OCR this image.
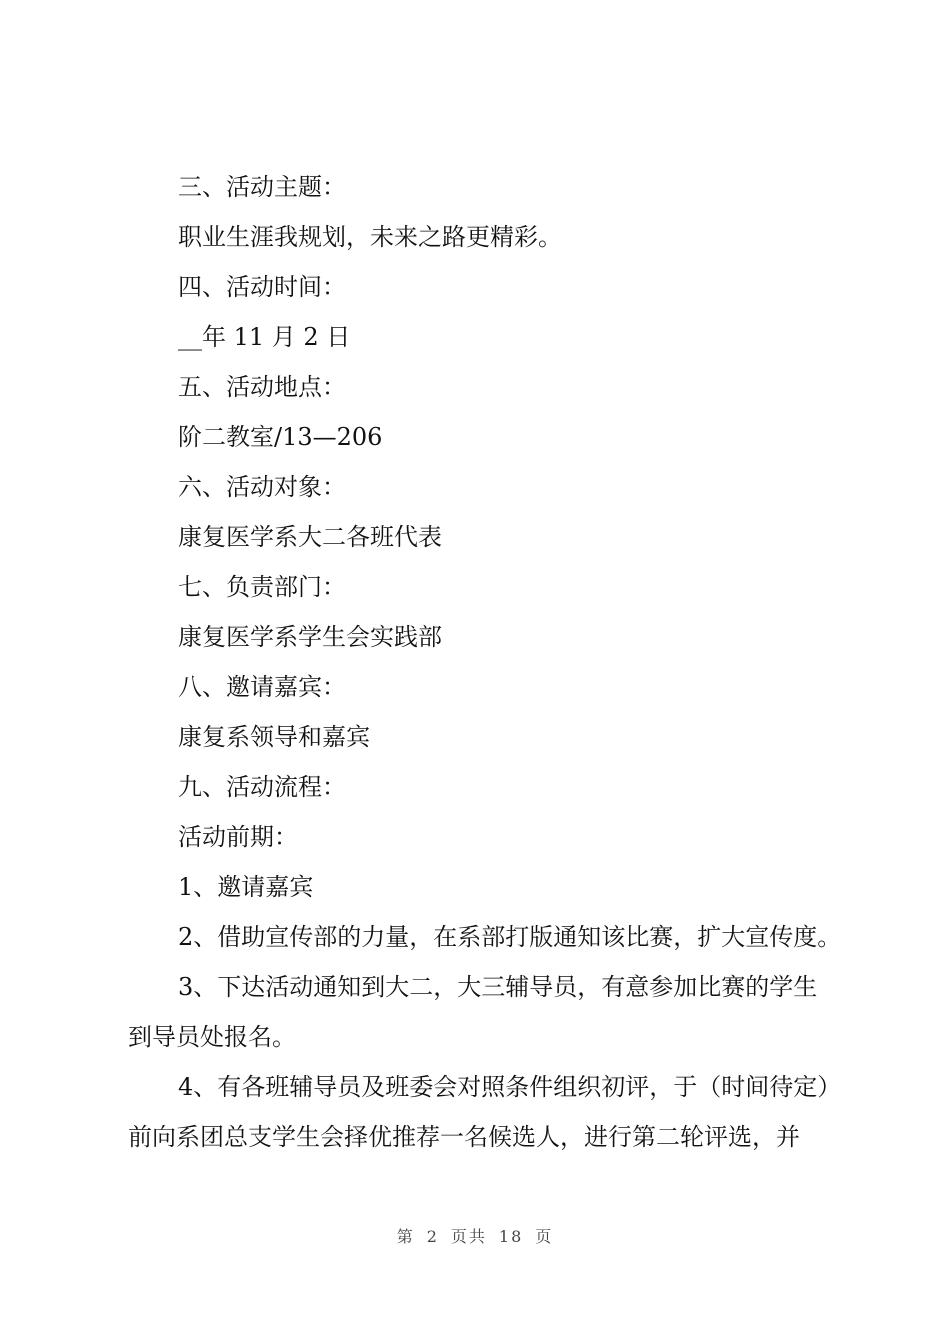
三、活动主题：
职业生涯我规划，未来之路更精彩。
四、活动时间：
__年 11 月 2 日
五、活动地点：
阶二教室/13—206
六、活动对象：
康复医学系大二各班代表
七、负责部门：
康复医学系学生会实践部
八、邀请嘉宾：
康复系领导和嘉宾
九、活动流程：
活动前期：
1、邀请嘉宾
2、借助宣传部的力量，在系部打版通知该比赛，扩大宣传度。
3、下达活动通知到大二，大三辅导员，有意参加比赛的学生
到导员处报名。
4、有各班辅导员及班委会对照条件组织初评，于（时间待定）
前向系团总支学生会择优推荐一名候选人，进行第二轮评选，并
第 2 页共 18 页
